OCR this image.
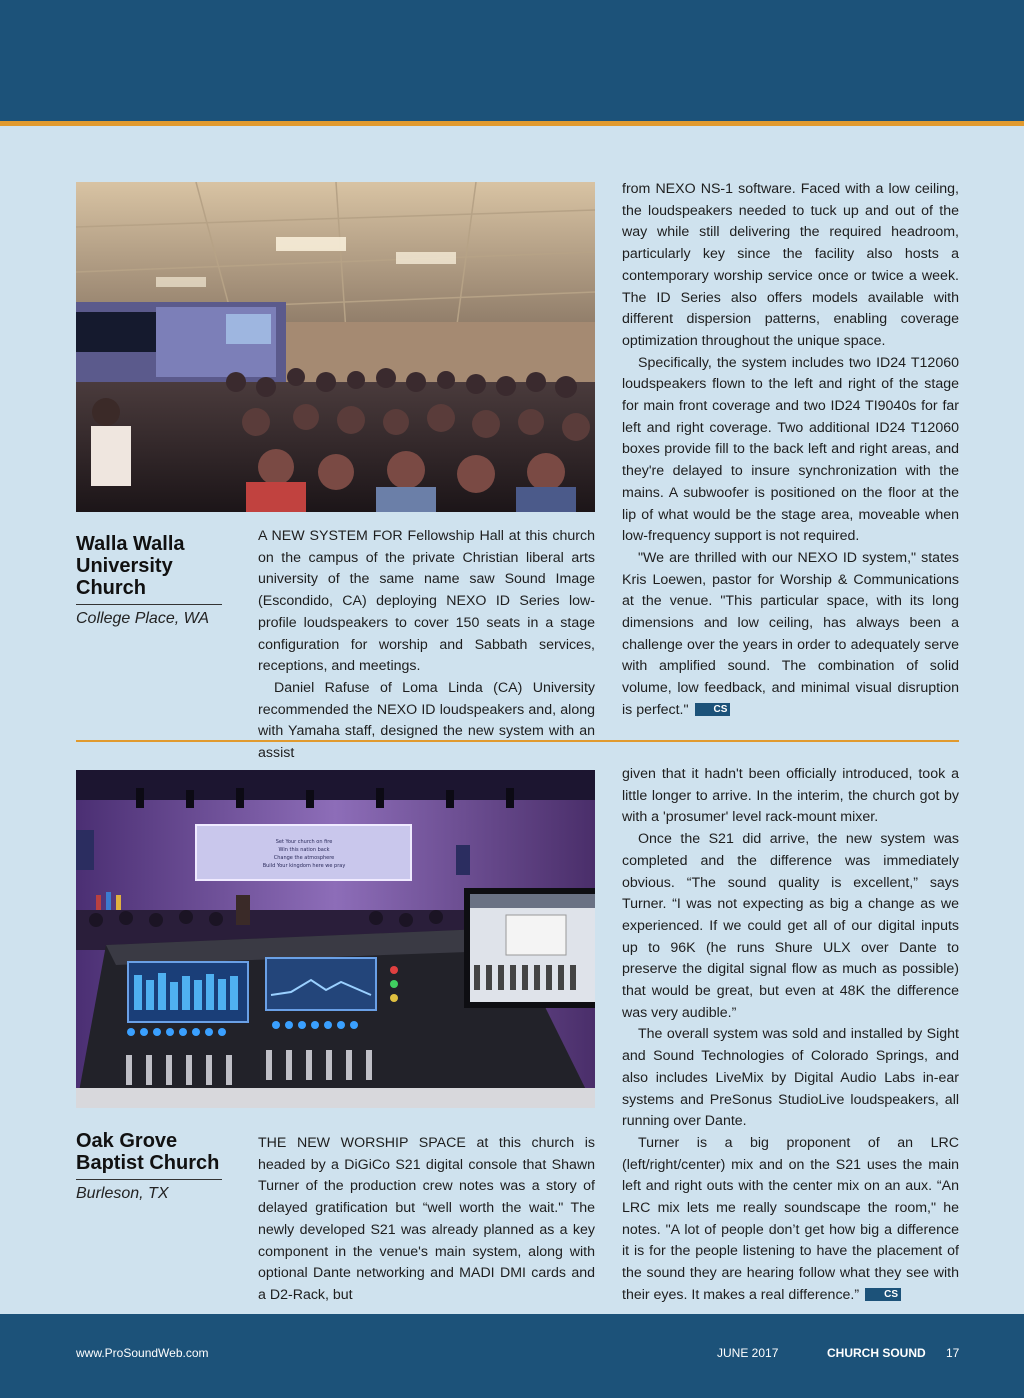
Walla Walla University Church
College Place, WA

A NEW SYSTEM FOR Fellowship Hall at this church on the campus of the private Christian liberal arts university of the same name saw Sound Image (Escondido, CA) deploying NEXO ID Series low-profile loudspeakers to cover 150 seats in a stage configuration for worship and Sabbath services, receptions, and meetings.

Daniel Rafuse of Loma Linda (CA) University recommended the NEXO ID loudspeakers and, along with Yamaha staff, designed the new system with an assist

from NEXO NS-1 software. Faced with a low ceiling, the loudspeakers needed to tuck up and out of the way while still delivering the required headroom, particularly key since the facility also hosts a contemporary worship service once or twice a week. The ID Series also offers models available with different dispersion patterns, enabling coverage optimization throughout the unique space.

Specifically, the system includes two ID24 T12060 loudspeakers flown to the left and right of the stage for main front coverage and two ID24 TI9040s for far left and right coverage. Two additional ID24 T12060 boxes provide fill to the back left and right areas, and they're delayed to insure synchronization with the mains. A subwoofer is positioned on the floor at the lip of what would be the stage area, moveable when low-frequency support is not required.

"We are thrilled with our NEXO ID system," states Kris Loewen, pastor for Worship & Communications at the venue. "This particular space, with its long dimensions and low ceiling, has always been a challenge over the years in order to adequately serve with amplified sound. The combination of solid volume, low feedback, and minimal visual disruption is perfect."	CS

Set Your church on fire
Win this nation back
Change the atmosphere
Build Your kingdom here we pray
Oak Grove Baptist Church
Burleson, TX

THE NEW WORSHIP SPACE at this church is headed by a DiGiCo S21 digital console that Shawn Turner of the production crew notes was a story of delayed gratification but “well worth the wait." The newly developed S21 was already planned as a key component in the venue's main system, along with optional Dante networking and MADI DMI cards and a D2-Rack, but

given that it hadn't been officially introduced, took a little longer to arrive. In the interim, the church got by with a 'prosumer' level rack-mount mixer.

Once the S21 did arrive, the new system was completed and the difference was immediately obvious. “The sound quality is excellent,” says Turner. “I was not expecting as big a change as we experienced. If we could get all of our digital inputs up to 96K (he runs Shure ULX over Dante to preserve the digital signal flow as much as possible) that would be great, but even at 48K the difference was very audible.”

The overall system was sold and installed by Sight and Sound Technologies of Colorado Springs, and also includes LiveMix by Digital Audio Labs in-ear systems and PreSonus StudioLive loudspeakers, all running over Dante.

Turner is a big proponent of an LRC (left/right/center) mix and on the S21 uses the main left and right outs with the center mix on an aux. “An LRC mix lets me really soundscape the room," he notes. "A lot of people don’t get how big a difference it is for the people listening to have the placement of the sound they are hearing follow what they see with their eyes. It makes a real difference.”	CS

www.ProSoundWeb.com	JUNE 2017	CHURCH SOUND 17
